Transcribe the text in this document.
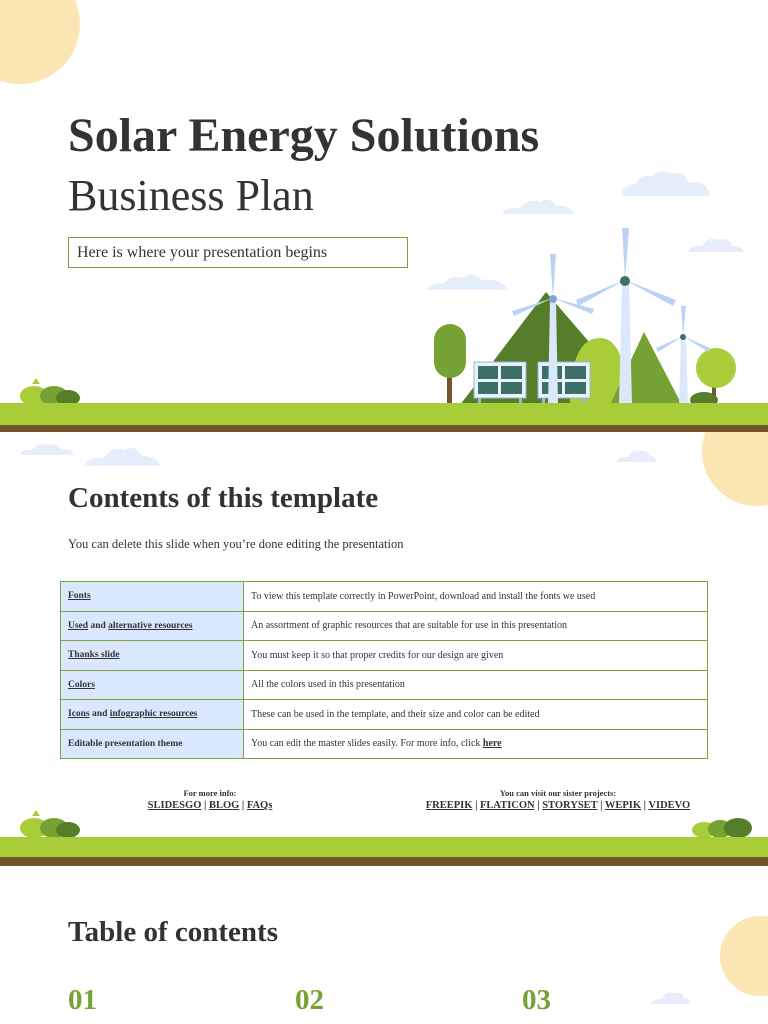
Solar Energy Solutions
Business Plan
Here is where your presentation begins
Contents of this template
You can delete this slide when you’re done editing the presentation
Fonts	To view this template correctly in PowerPoint, download and install the fonts we used
Used and alternative resources	An assortment of graphic resources that are suitable for use in this presentation
Thanks slide	You must keep it so that proper credits for our design are given
Colors	All the colors used in this presentation
Icons and infographic resources	These can be used in the template, and their size and color can be edited
Editable presentation theme	You can edit the master slides easily. For more info, click here
For more info:
SLIDESGO | BLOG | FAQs
You can visit our sister projects:
FREEPIK | FLATICON | STORYSET | WEPIK | VIDEVO
Table of contents
01	02	03
